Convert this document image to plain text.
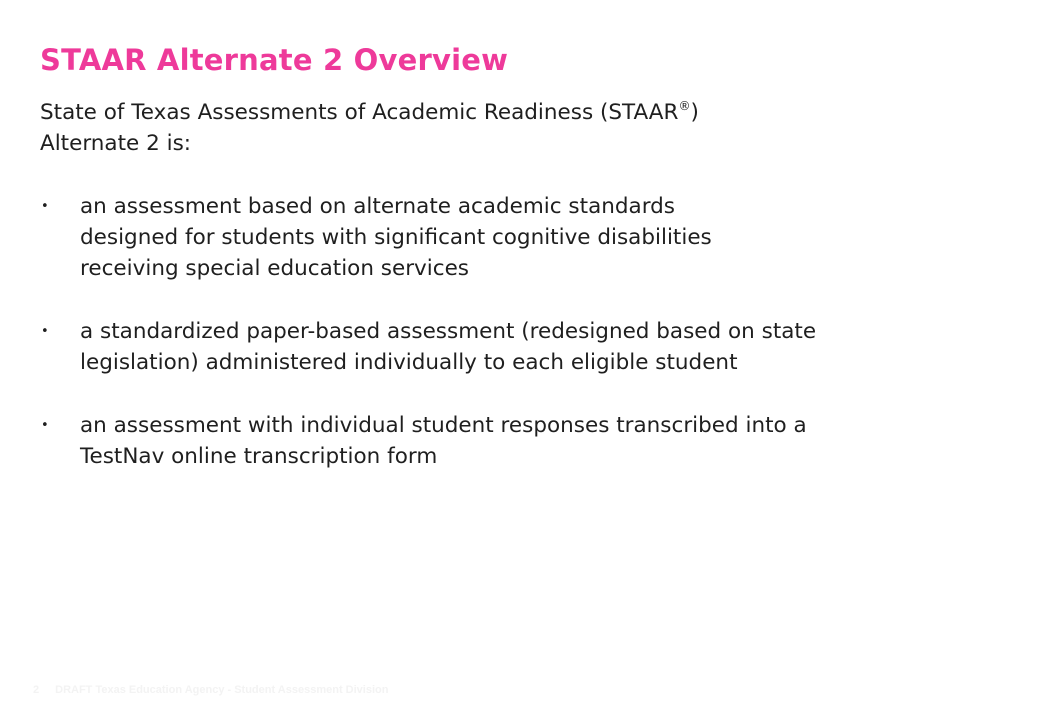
STAAR Alternate 2 Overview

State of Texas Assessments of Academic Readiness (STAAR®)
Alternate 2 is:

• an assessment based on alternate academic standards
designed for students with significant cognitive disabilities
receiving special education services
• a standardized paper-based assessment (redesigned based on state
legislation) administered individually to each eligible student
• an assessment with individual student responses transcribed into a
TestNav online transcription form
2 DRAFT Texas Education Agency - Student Assessment Division
